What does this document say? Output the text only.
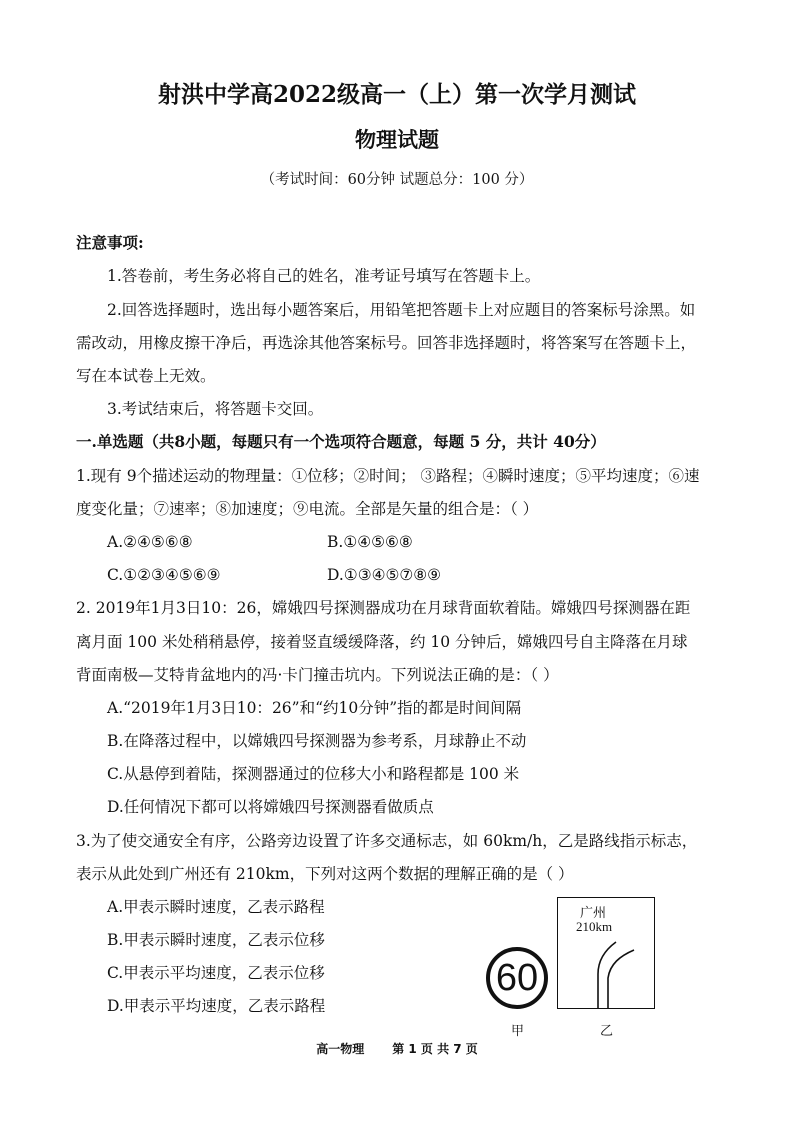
射洪中学高2022级高一（上）第一次学月测试
物理试题
（考试时间：60分钟 试题总分：100 分）
注意事项:
1.答卷前，考生务必将自己的姓名，准考证号填写在答题卡上。
2.回答选择题时，选出每小题答案后，用铅笔把答题卡上对应题目的答案标号涂黑。如
需改动，用橡皮擦干净后，再选涂其他答案标号。回答非选择题时，将答案写在答题卡上，
写在本试卷上无效。
3.考试结束后，将答题卡交回。
一.单选题（共8小题，每题只有一个选项符合题意，每题 5 分，共计 40分）
1.现有 9个描述运动的物理量：①位移；②时间； ③路程；④瞬时速度；⑤平均速度；⑥速
度变化量；⑦速率；⑧加速度；⑨电流。全部是矢量的组合是：（ ）
A.②④⑤⑥⑧	B.①④⑤⑥⑧
C.①②③④⑤⑥⑨	D.①③④⑤⑦⑧⑨
2. 2019年1月3日10：26，嫦娥四号探测器成功在月球背面软着陆。嫦娥四号探测器在距
离月面 100 米处稍稍悬停，接着竖直缓缓降落，约 10 分钟后，嫦娥四号自主降落在月球
背面南极—艾特肯盆地内的冯·卡门撞击坑内。下列说法正确的是：（ ）
A.“2019年1月3日10：26”和“约10分钟”指的都是时间间隔
B.在降落过程中，以嫦娥四号探测器为参考系，月球静止不动
C.从悬停到着陆，探测器通过的位移大小和路程都是 100 米
D.任何情况下都可以将嫦娥四号探测器看做质点
3.为了使交通安全有序，公路旁边设置了许多交通标志，如 60km/h，乙是路线指示标志，
表示从此处到广州还有 210km，下列对这两个数据的理解正确的是（ ）
A.甲表示瞬时速度，乙表示路程
B.甲表示瞬时速度，乙表示位移
C.甲表示平均速度，乙表示位移
D.甲表示平均速度，乙表示路程
60
广州
210km
甲	乙
高一物理 第 1 页 共 7 页
